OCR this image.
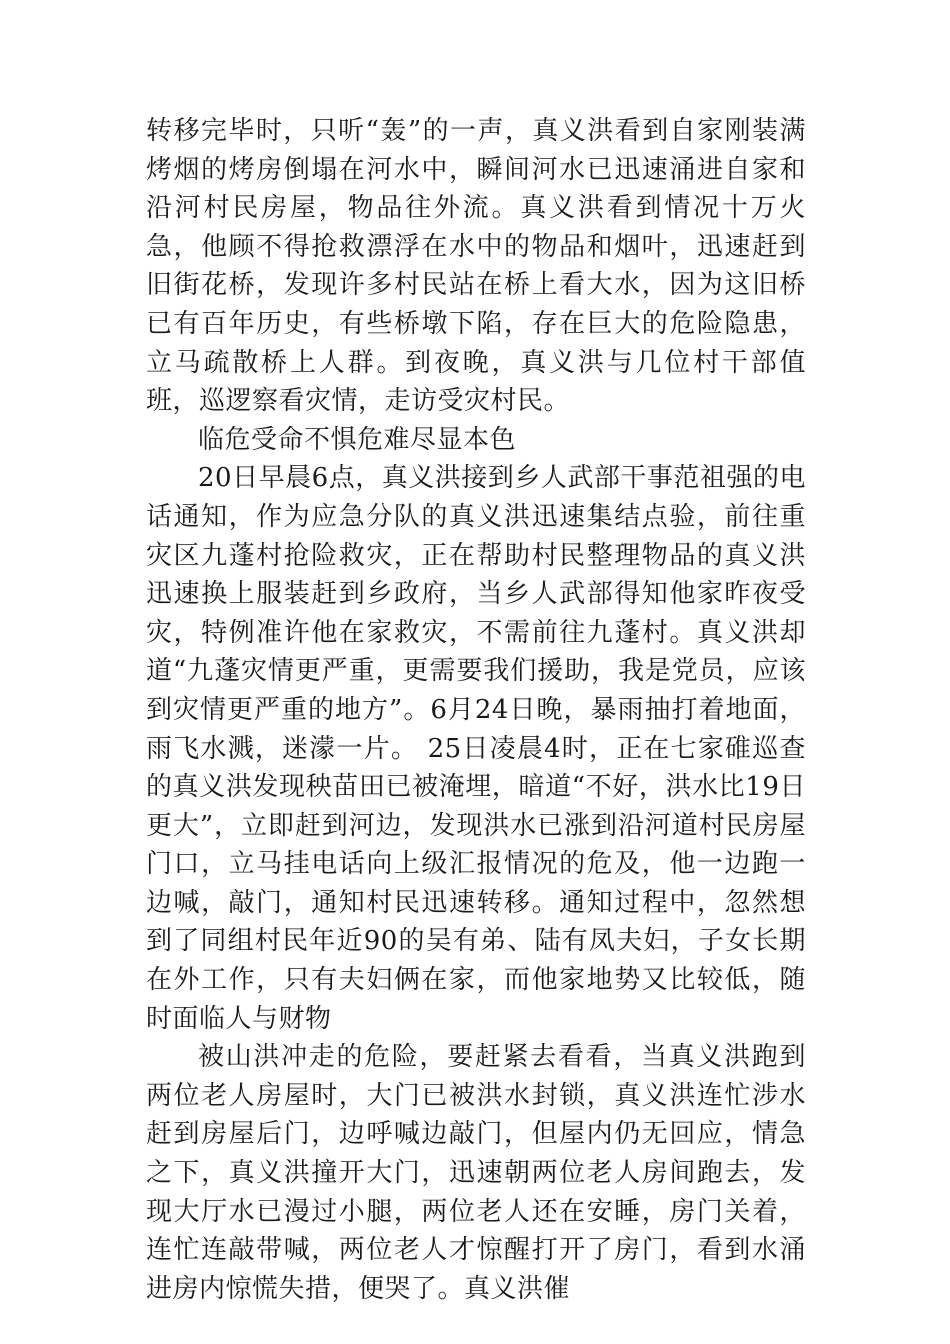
转移完毕时，只听“轰”的一声，真义洪看到自家刚装满烤烟的烤房倒塌在河水中，瞬间河水已迅速涌进自家和沿河村民房屋，物品往外流。真义洪看到情况十万火急，他顾不得抢救漂浮在水中的物品和烟叶，迅速赶到旧街花桥，发现许多村民站在桥上看大水，因为这旧桥已有百年历史，有些桥墩下陷，存在巨大的危险隐患，立马疏散桥上人群。到夜晚，真义洪与几位村干部值班，巡逻察看灾情，走访受灾村民。

临危受命不惧危难尽显本色

20日早晨6点，真义洪接到乡人武部干事范祖强的电话通知，作为应急分队的真义洪迅速集结点验，前往重灾区九蓬村抢险救灾，正在帮助村民整理物品的真义洪迅速换上服装赶到乡政府，当乡人武部得知他家昨夜受灾，特例准许他在家救灾，不需前往九蓬村。真义洪却道“九蓬灾情更严重，更需要我们援助，我是党员，应该到灾情更严重的地方”。6月24日晚，暴雨抽打着地面，雨飞水溅，迷濛一片。 25日凌晨4时，正在七家碓巡查的真义洪发现秧苗田已被淹埋，暗道“不好，洪水比19日更大”，立即赶到河边，发现洪水已涨到沿河道村民房屋门口，立马挂电话向上级汇报情况的危及，他一边跑一边喊，敲门，通知村民迅速转移。通知过程中，忽然想到了同组村民年近90的吴有弟、陆有凤夫妇，子女长期在外工作，只有夫妇俩在家，而他家地势又比较低，随时面临人与财物

被山洪冲走的危险，要赶紧去看看，当真义洪跑到两位老人房屋时，大门已被洪水封锁，真义洪连忙涉水赶到房屋后门，边呼喊边敲门，但屋内仍无回应，情急之下，真义洪撞开大门，迅速朝两位老人房间跑去，发现大厅水已漫过小腿，两位老人还在安睡，房门关着，连忙连敲带喊，两位老人才惊醒打开了房门，看到水涌进房内惊慌失措，便哭了。真义洪催
